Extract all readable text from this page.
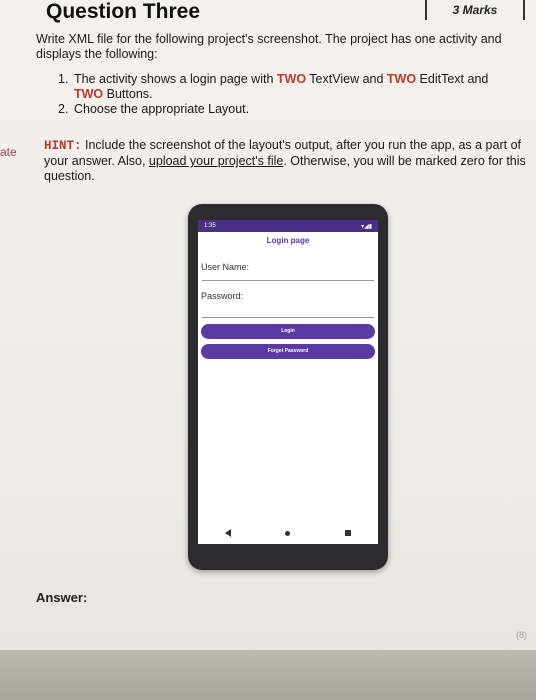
Question Three	3 Marks
Write XML file for the following project's screenshot. The project has one activity and displays the following:
1. The activity shows a login page with TWO TextView and TWO EditText and
TWO Buttons.
2. Choose the appropriate Layout.
ate HINT: Include the screenshot of the layout's output, after you run the app, as a part of your answer. Also, upload your project's file. Otherwise, you will be marked zero for this question.
1:35	▾◢▮
Login page
User Name:
Password:
Login
Forget Password
Answer:
(8)
